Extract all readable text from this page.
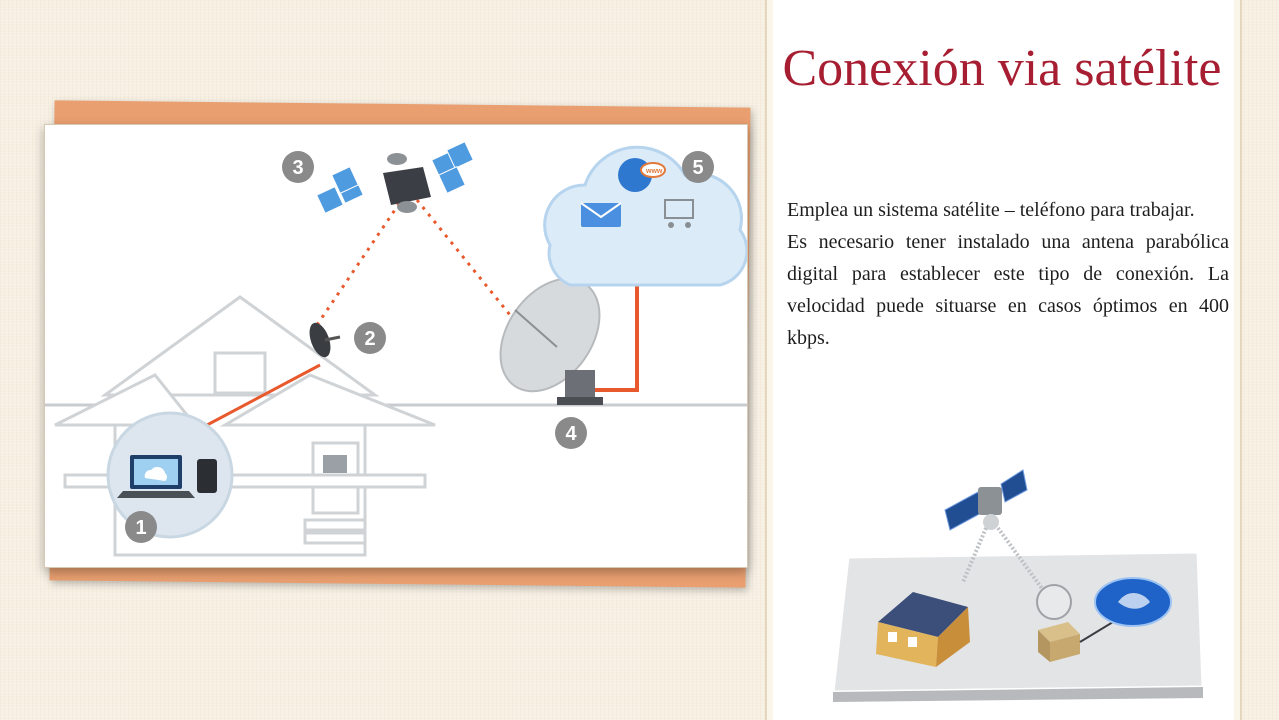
www
1
2
3
4
5
Conexión via satélite

Emplea un sistema satélite – teléfono para trabajar.

Es necesario tener instalado una antena parabólica digital para establecer este tipo de conexión. La velocidad puede situarse en casos óptimos en 400 kbps.
